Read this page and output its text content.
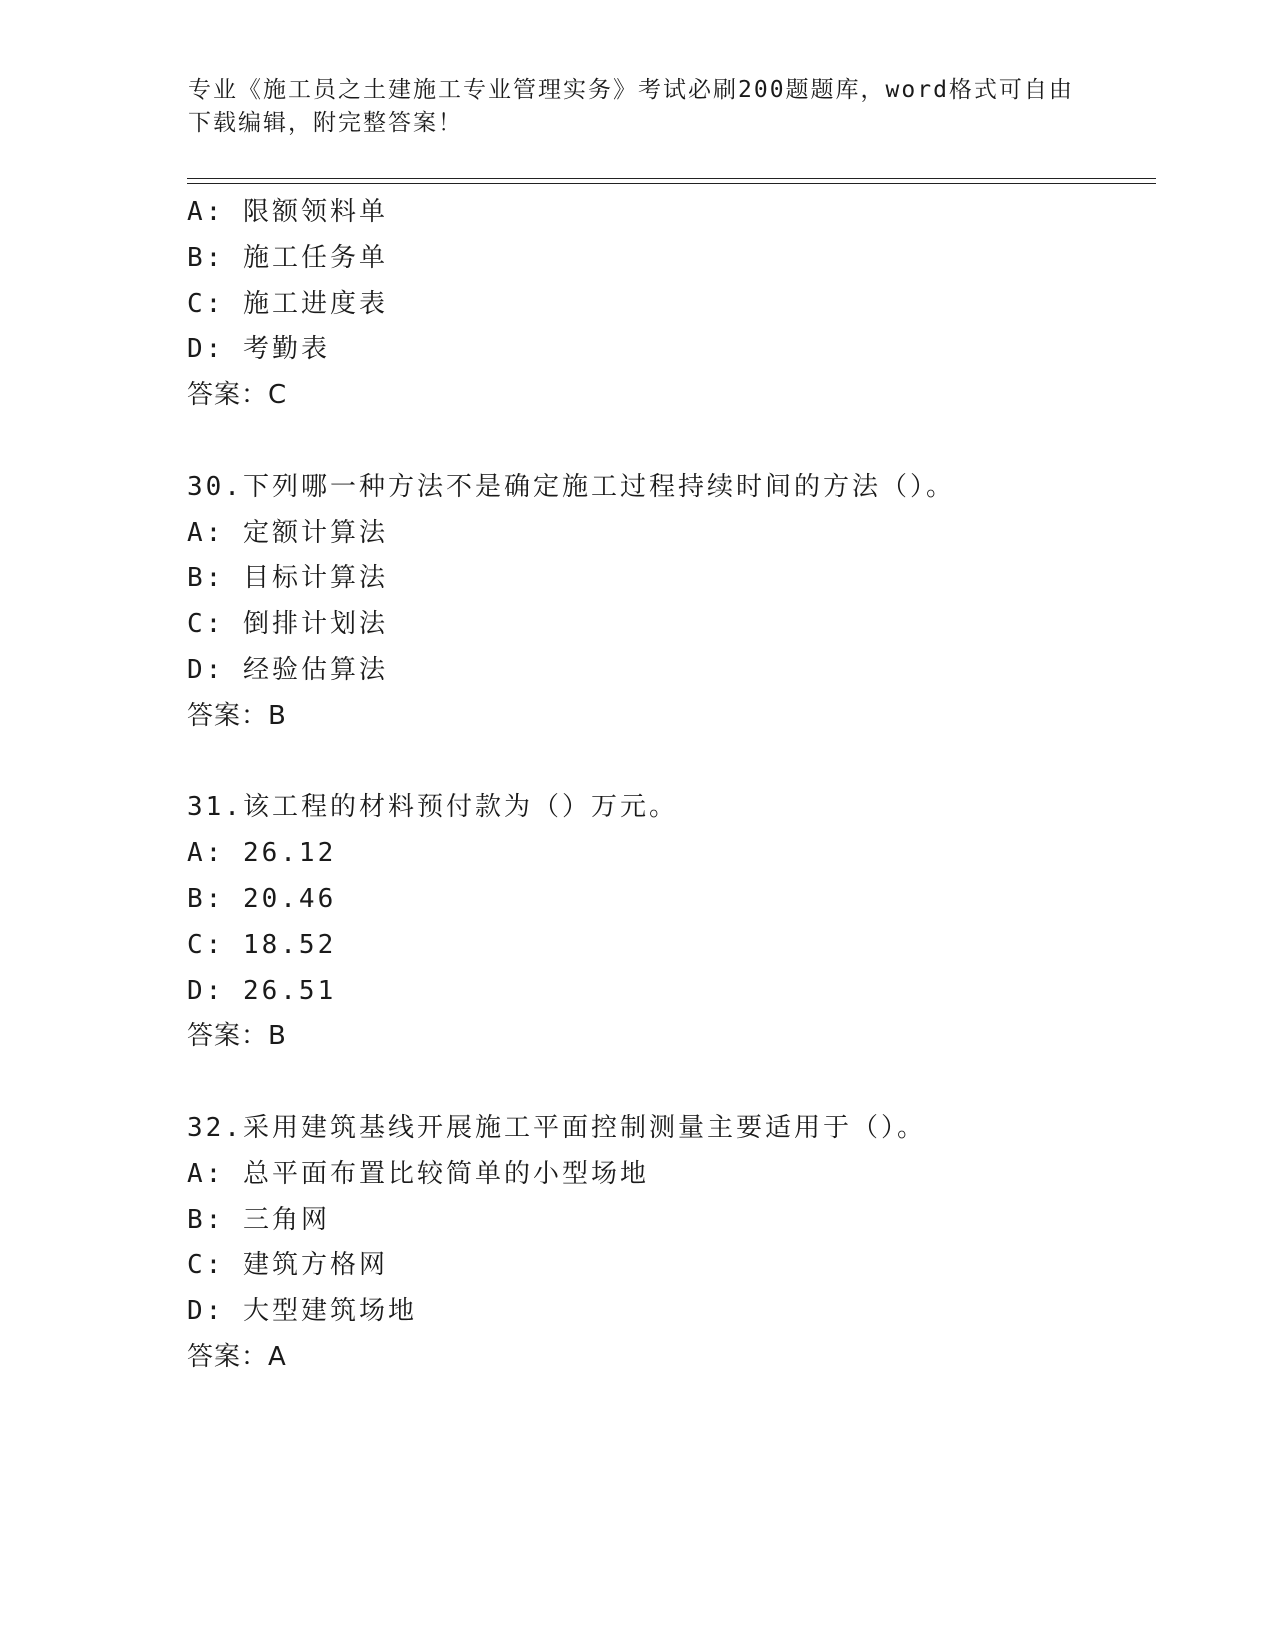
专业《施工员之土建施工专业管理实务》考试必刷200题题库，word格式可自由
下载编辑，附完整答案！
A: 限额领料单
B: 施工任务单
C: 施工进度表
D: 考勤表
答案：C
30.下列哪一种方法不是确定施工过程持续时间的方法（）。
A: 定额计算法
B: 目标计算法
C: 倒排计划法
D: 经验估算法
答案：B
31.该工程的材料预付款为（）万元。
A: 26.12
B: 20.46
C: 18.52
D: 26.51
答案：B
32.采用建筑基线开展施工平面控制测量主要适用于（）。
A: 总平面布置比较简单的小型场地
B: 三角网
C: 建筑方格网
D: 大型建筑场地
答案：A
